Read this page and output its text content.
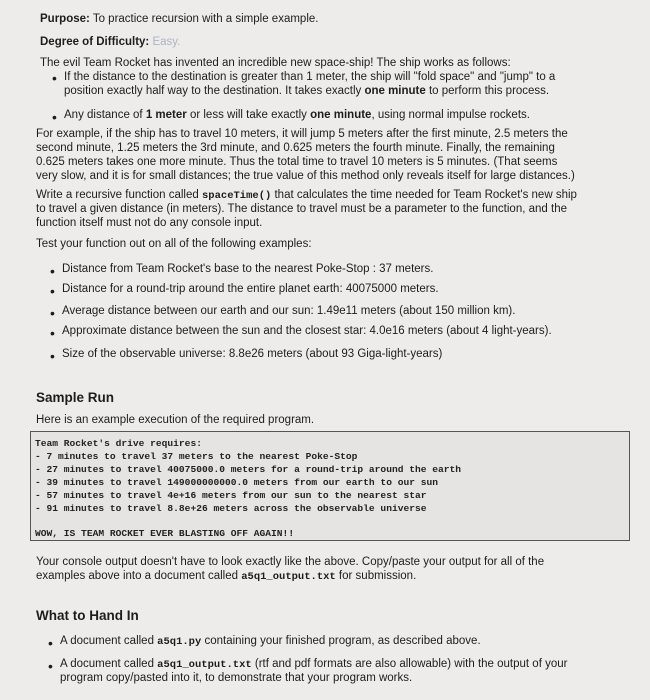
Purpose: To practice recursion with a simple example.
Degree of Difficulty: Easy.
The evil Team Rocket has invented an incredible new space-ship! The ship works as follows:
• If the distance to the destination is greater than 1 meter, the ship will "fold space" and "jump" to a
position exactly half way to the destination. It takes exactly one minute to perform this process.
• Any distance of 1 meter or less will take exactly one minute, using normal impulse rockets.
For example, if the ship has to travel 10 meters, it will jump 5 meters after the first minute, 2.5 meters the
second minute, 1.25 meters the 3rd minute, and 0.625 meters the fourth minute. Finally, the remaining
0.625 meters takes one more minute. Thus the total time to travel 10 meters is 5 minutes. (That seems
very slow, and it is for small distances; the true value of this method only reveals itself for large distances.)
Write a recursive function called spaceTime() that calculates the time needed for Team Rocket's new ship
to travel a given distance (in meters). The distance to travel must be a parameter to the function, and the
function itself must not do any console input.
Test your function out on all of the following examples:
• Distance from Team Rocket's base to the nearest Poke-Stop : 37 meters.
• Distance for a round-trip around the entire planet earth: 40075000 meters.
• Average distance between our earth and our sun: 1.49e11 meters (about 150 million km).
• Approximate distance between the sun and the closest star: 4.0e16 meters (about 4 light-years).
• Size of the observable universe: 8.8e26 meters (about 93 Giga-light-years)
Sample Run
Here is an example execution of the required program.
Team Rocket's drive requires:
- 7 minutes to travel 37 meters to the nearest Poke-Stop
- 27 minutes to travel 40075000.0 meters for a round-trip around the earth
- 39 minutes to travel 149000000000.0 meters from our earth to our sun
- 57 minutes to travel 4e+16 meters from our sun to the nearest star
- 91 minutes to travel 8.8e+26 meters across the observable universe
WOW, IS TEAM ROCKET EVER BLASTING OFF AGAIN!!
Your console output doesn't have to look exactly like the above. Copy/paste your output for all of the
examples above into a document called a5q1_output.txt for submission.
What to Hand In
• A document called a5q1.py containing your finished program, as described above.
• A document called a5q1_output.txt (rtf and pdf formats are also allowable) with the output of your
program copy/pasted into it, to demonstrate that your program works.
